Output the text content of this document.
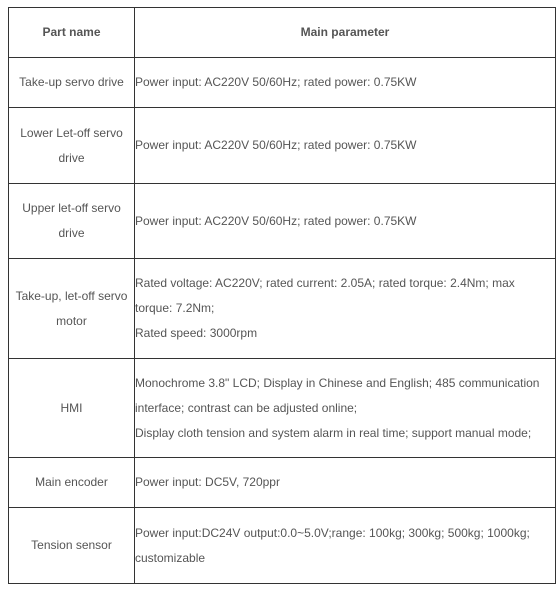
Part name	Main parameter
Take-up servo drive	Power input: AC220V 50/60Hz; rated power: 0.75KW

Lower Let-off servo drive	Power input: AC220V 50/60Hz; rated power: 0.75KW

Upper let-off servo drive	Power input: AC220V 50/60Hz; rated power: 0.75KW

Take-up, let-off servo motor	Rated voltage: AC220V; rated current: 2.05A; rated torque: 2.4Nm; max torque: 7.2Nm;
Rated speed: 3000rpm

HMI	Monochrome 3.8" LCD; Display in Chinese and English; 485 communication interface; contrast can be adjusted online;
Display cloth tension and system alarm in real time; support manual mode;

Main encoder	Power input: DC5V, 720ppr

Tension sensor	Power input:DC24V output:0.0~5.0V;range: 100kg; 300kg; 500kg; 1000kg; customizable
